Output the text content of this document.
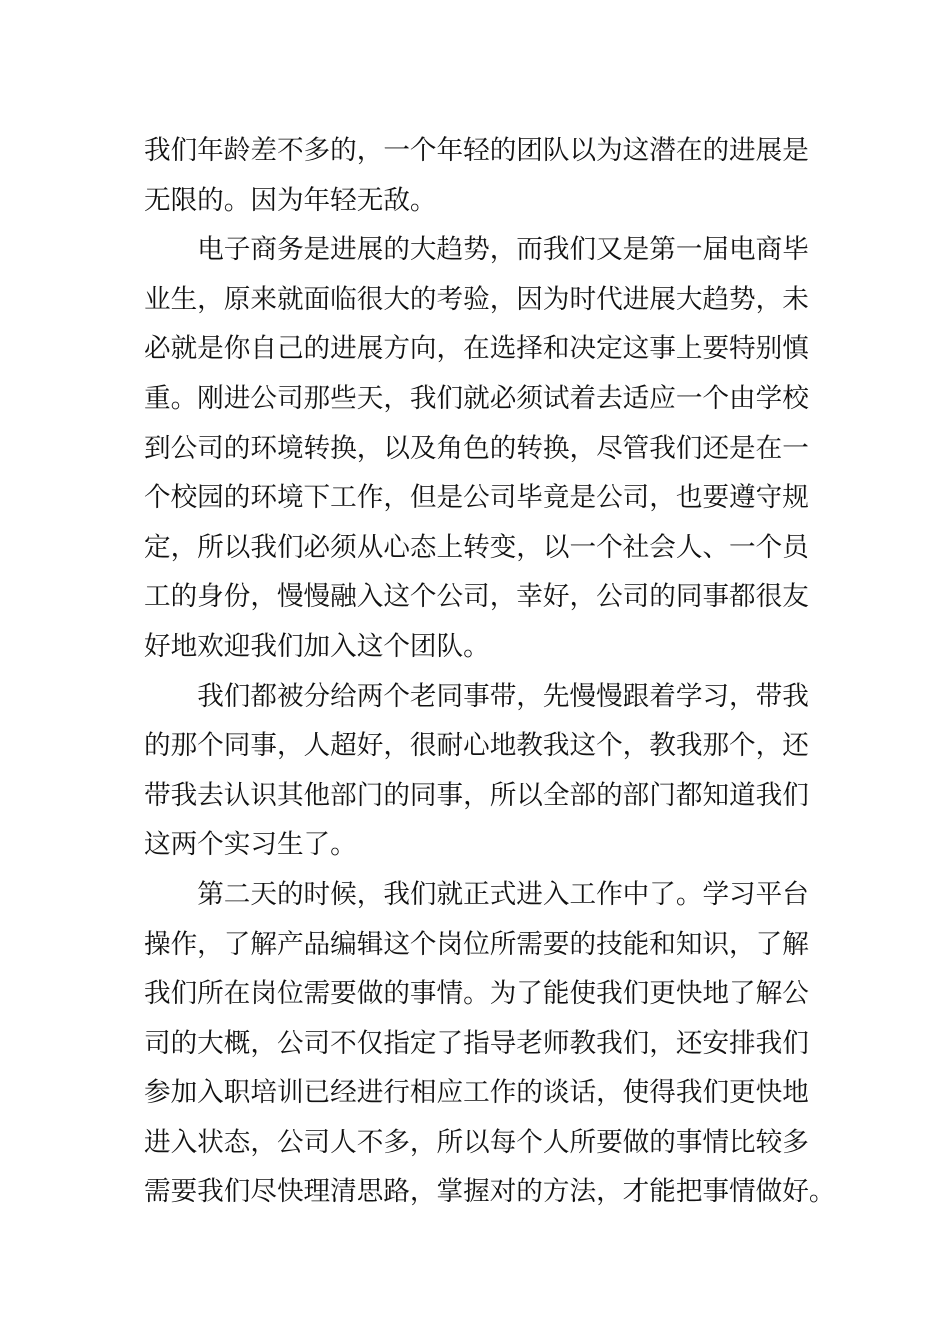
我们年龄差不多的，一个年轻的团队以为这潜在的进展是
无限的。因为年轻无敌。

电子商务是进展的大趋势，而我们又是第一届电商毕
业生，原来就面临很大的考验，因为时代进展大趋势，未
必就是你自己的进展方向，在选择和决定这事上要特别慎
重。刚进公司那些天，我们就必须试着去适应一个由学校
到公司的环境转换，以及角色的转换，尽管我们还是在一
个校园的环境下工作，但是公司毕竟是公司，也要遵守规
定，所以我们必须从心态上转变，以一个社会人、一个员
工的身份，慢慢融入这个公司，幸好，公司的同事都很友
好地欢迎我们加入这个团队。

我们都被分给两个老同事带，先慢慢跟着学习，带我
的那个同事，人超好，很耐心地教我这个，教我那个，还
带我去认识其他部门的同事，所以全部的部门都知道我们
这两个实习生了。

第二天的时候，我们就正式进入工作中了。学习平台
操作，了解产品编辑这个岗位所需要的技能和知识，了解
我们所在岗位需要做的事情。为了能使我们更快地了解公
司的大概，公司不仅指定了指导老师教我们，还安排我们
参加入职培训已经进行相应工作的谈话，使得我们更快地
进入状态，公司人不多，所以每个人所要做的事情比较多
需要我们尽快理清思路，掌握对的方法，才能把事情做好。
